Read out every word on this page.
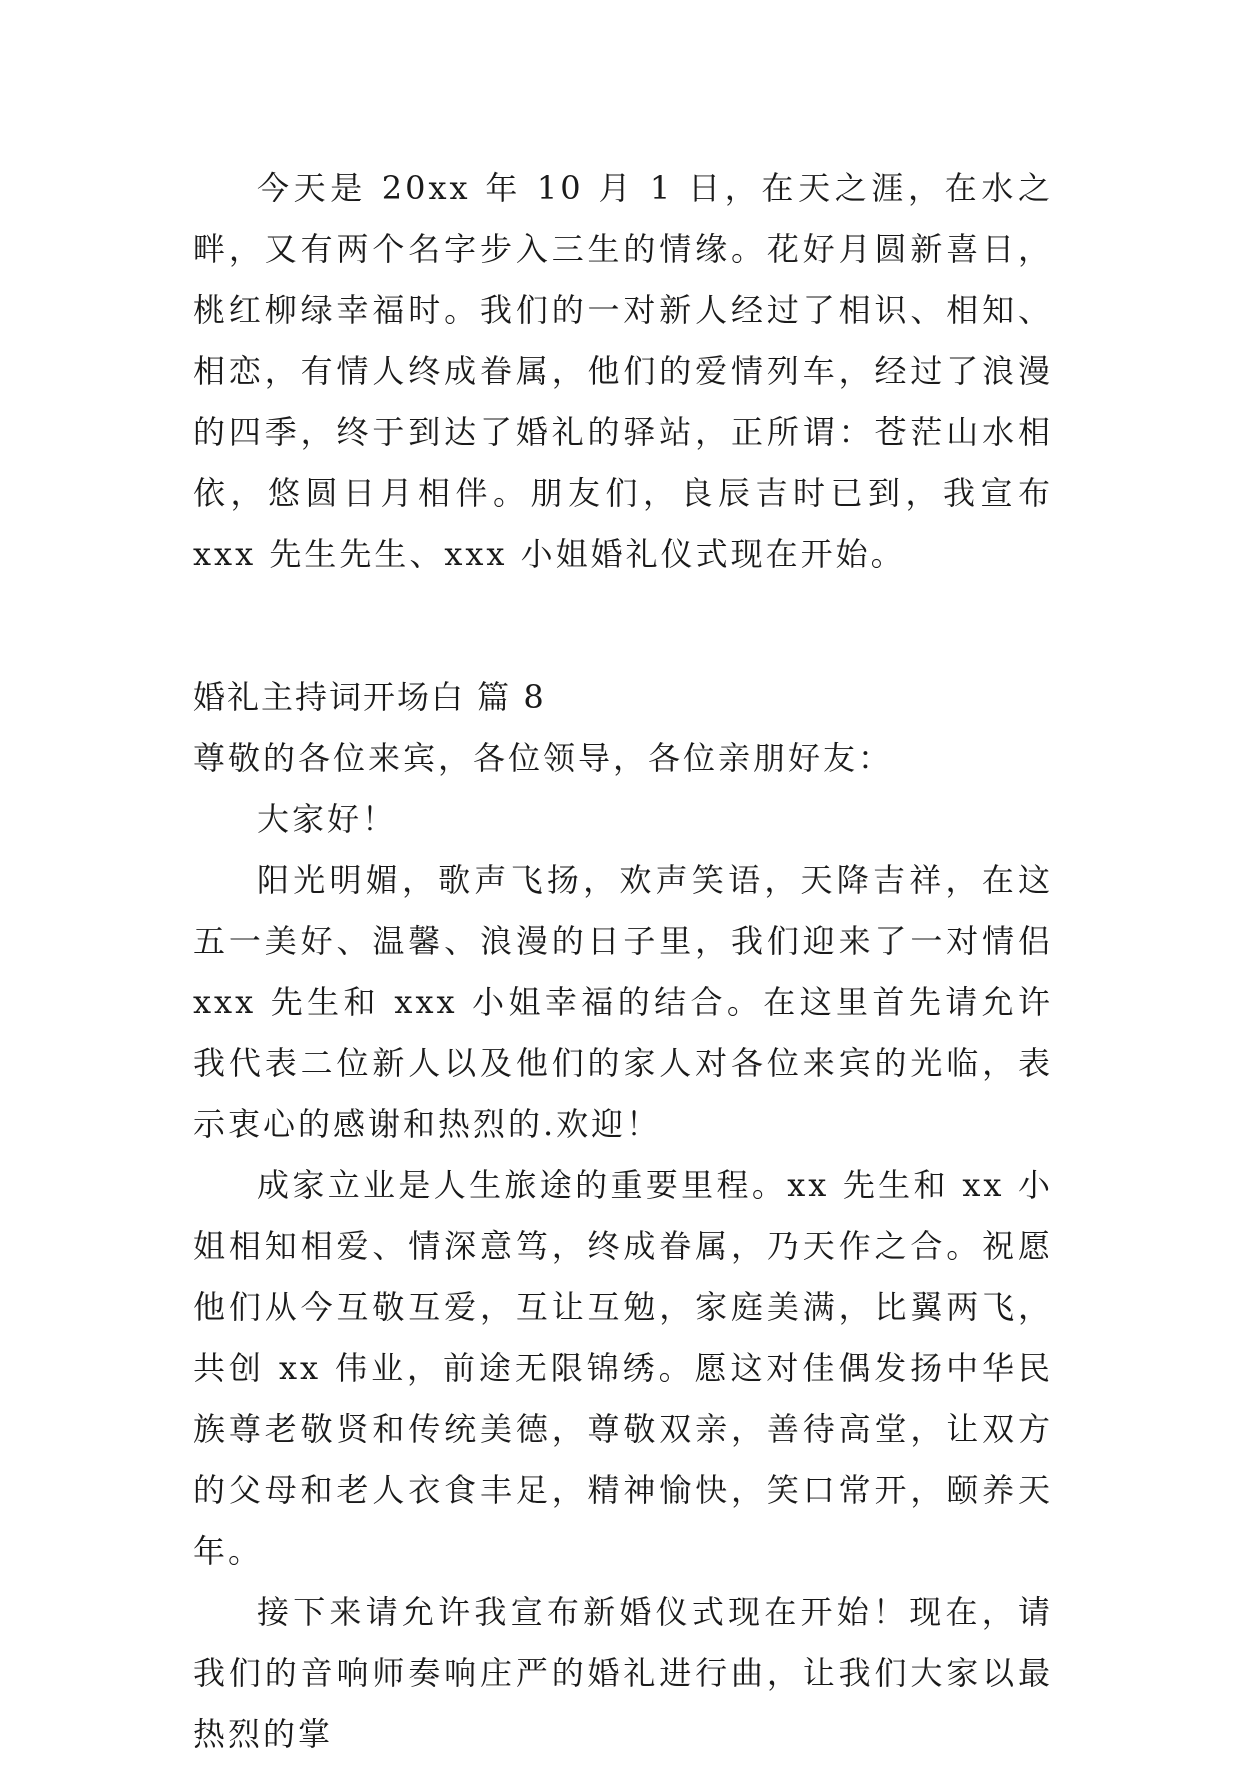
今天是 20xx 年 10 月 1 日，在天之涯，在水之畔，又有两个名字步入三生的情缘。花好月圆新喜日，桃红柳绿幸福时。我们的一对新人经过了相识、相知、相恋，有情人终成眷属，他们的爱情列车，经过了浪漫的四季，终于到达了婚礼的驿站，正所谓：苍茫山水相依，悠圆日月相伴。朋友们，良辰吉时已到，我宣布 xxx 先生先生、xxx 小姐婚礼仪式现在开始。

婚礼主持词开场白 篇 8

尊敬的各位来宾，各位领导，各位亲朋好友：

大家好！

阳光明媚，歌声飞扬，欢声笑语，天降吉祥，在这五一美好、温馨、浪漫的日子里，我们迎来了一对情侣 xxx 先生和 xxx 小姐幸福的结合。在这里首先请允许我代表二位新人以及他们的家人对各位来宾的光临，表示衷心的感谢和热烈的.欢迎！

成家立业是人生旅途的重要里程。xx 先生和 xx 小姐相知相爱、情深意笃，终成眷属，乃天作之合。祝愿他们从今互敬互爱，互让互勉，家庭美满，比翼两飞，共创 xx 伟业，前途无限锦绣。愿这对佳偶发扬中华民族尊老敬贤和传统美德，尊敬双亲，善待高堂，让双方的父母和老人衣食丰足，精神愉快，笑口常开，颐养天年。

接下来请允许我宣布新婚仪式现在开始！现在，请我们的音响师奏响庄严的婚礼进行曲，让我们大家以最热烈的掌
